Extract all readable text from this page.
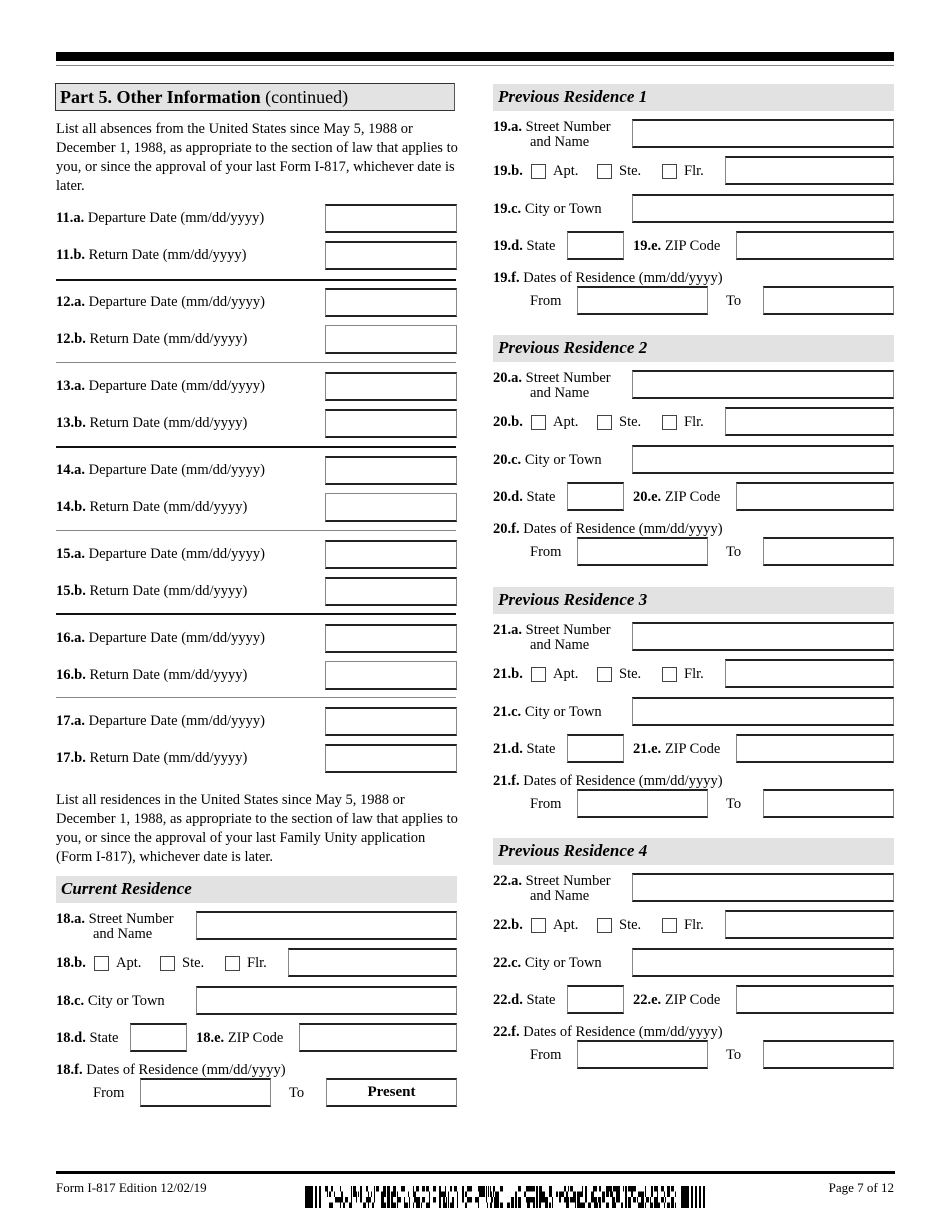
Part 5. Other Information (continued)
List all absences from the United States since May 5, 1988 or December 1, 1988, as appropriate to the section of law that applies to you, or since the approval of your last Form I-817, whichever date is later.
11.a. Departure Date (mm/dd/yyyy)
11.b. Return Date (mm/dd/yyyy)
12.a. Departure Date (mm/dd/yyyy)
12.b. Return Date (mm/dd/yyyy)
13.a. Departure Date (mm/dd/yyyy)
13.b. Return Date (mm/dd/yyyy)
14.a. Departure Date (mm/dd/yyyy)
14.b. Return Date (mm/dd/yyyy)
15.a. Departure Date (mm/dd/yyyy)
15.b. Return Date (mm/dd/yyyy)
16.a. Departure Date (mm/dd/yyyy)
16.b. Return Date (mm/dd/yyyy)
17.a. Departure Date (mm/dd/yyyy)
17.b. Return Date (mm/dd/yyyy)
List all residences in the United States since May 5, 1988 or December 1, 1988, as appropriate to the section of law that applies to you, or since the approval of your last Family Unity application (Form I-817), whichever date is later.
Current Residence
18.a. Street Number
and Name
18.b. Apt.	Ste.	Flr.
18.c. City or Town
18.d. State	18.e. ZIP Code
18.f. Dates of Residence (mm/dd/yyyy)
From	To	Present
Previous Residence 1
19.a. Street Number
and Name
19.b. Apt.	Ste.	Flr.
19.c. City or Town
19.d. State	19.e. ZIP Code
19.f. Dates of Residence (mm/dd/yyyy)
From	To
Previous Residence 2
20.a. Street Number
and Name
20.b. Apt.	Ste.	Flr.
20.c. City or Town
20.d. State	20.e. ZIP Code
20.f. Dates of Residence (mm/dd/yyyy)
From	To
Previous Residence 3
21.a. Street Number
and Name
21.b. Apt.	Ste.	Flr.
21.c. City or Town
21.d. State	21.e. ZIP Code
21.f. Dates of Residence (mm/dd/yyyy)
From	To
Previous Residence 4
22.a. Street Number
and Name
22.b. Apt.	Ste.	Flr.
22.c. City or Town
22.d. State	22.e. ZIP Code
22.f. Dates of Residence (mm/dd/yyyy)
From	To
Form I-817 Edition 12/02/19	Page 7 of 12
